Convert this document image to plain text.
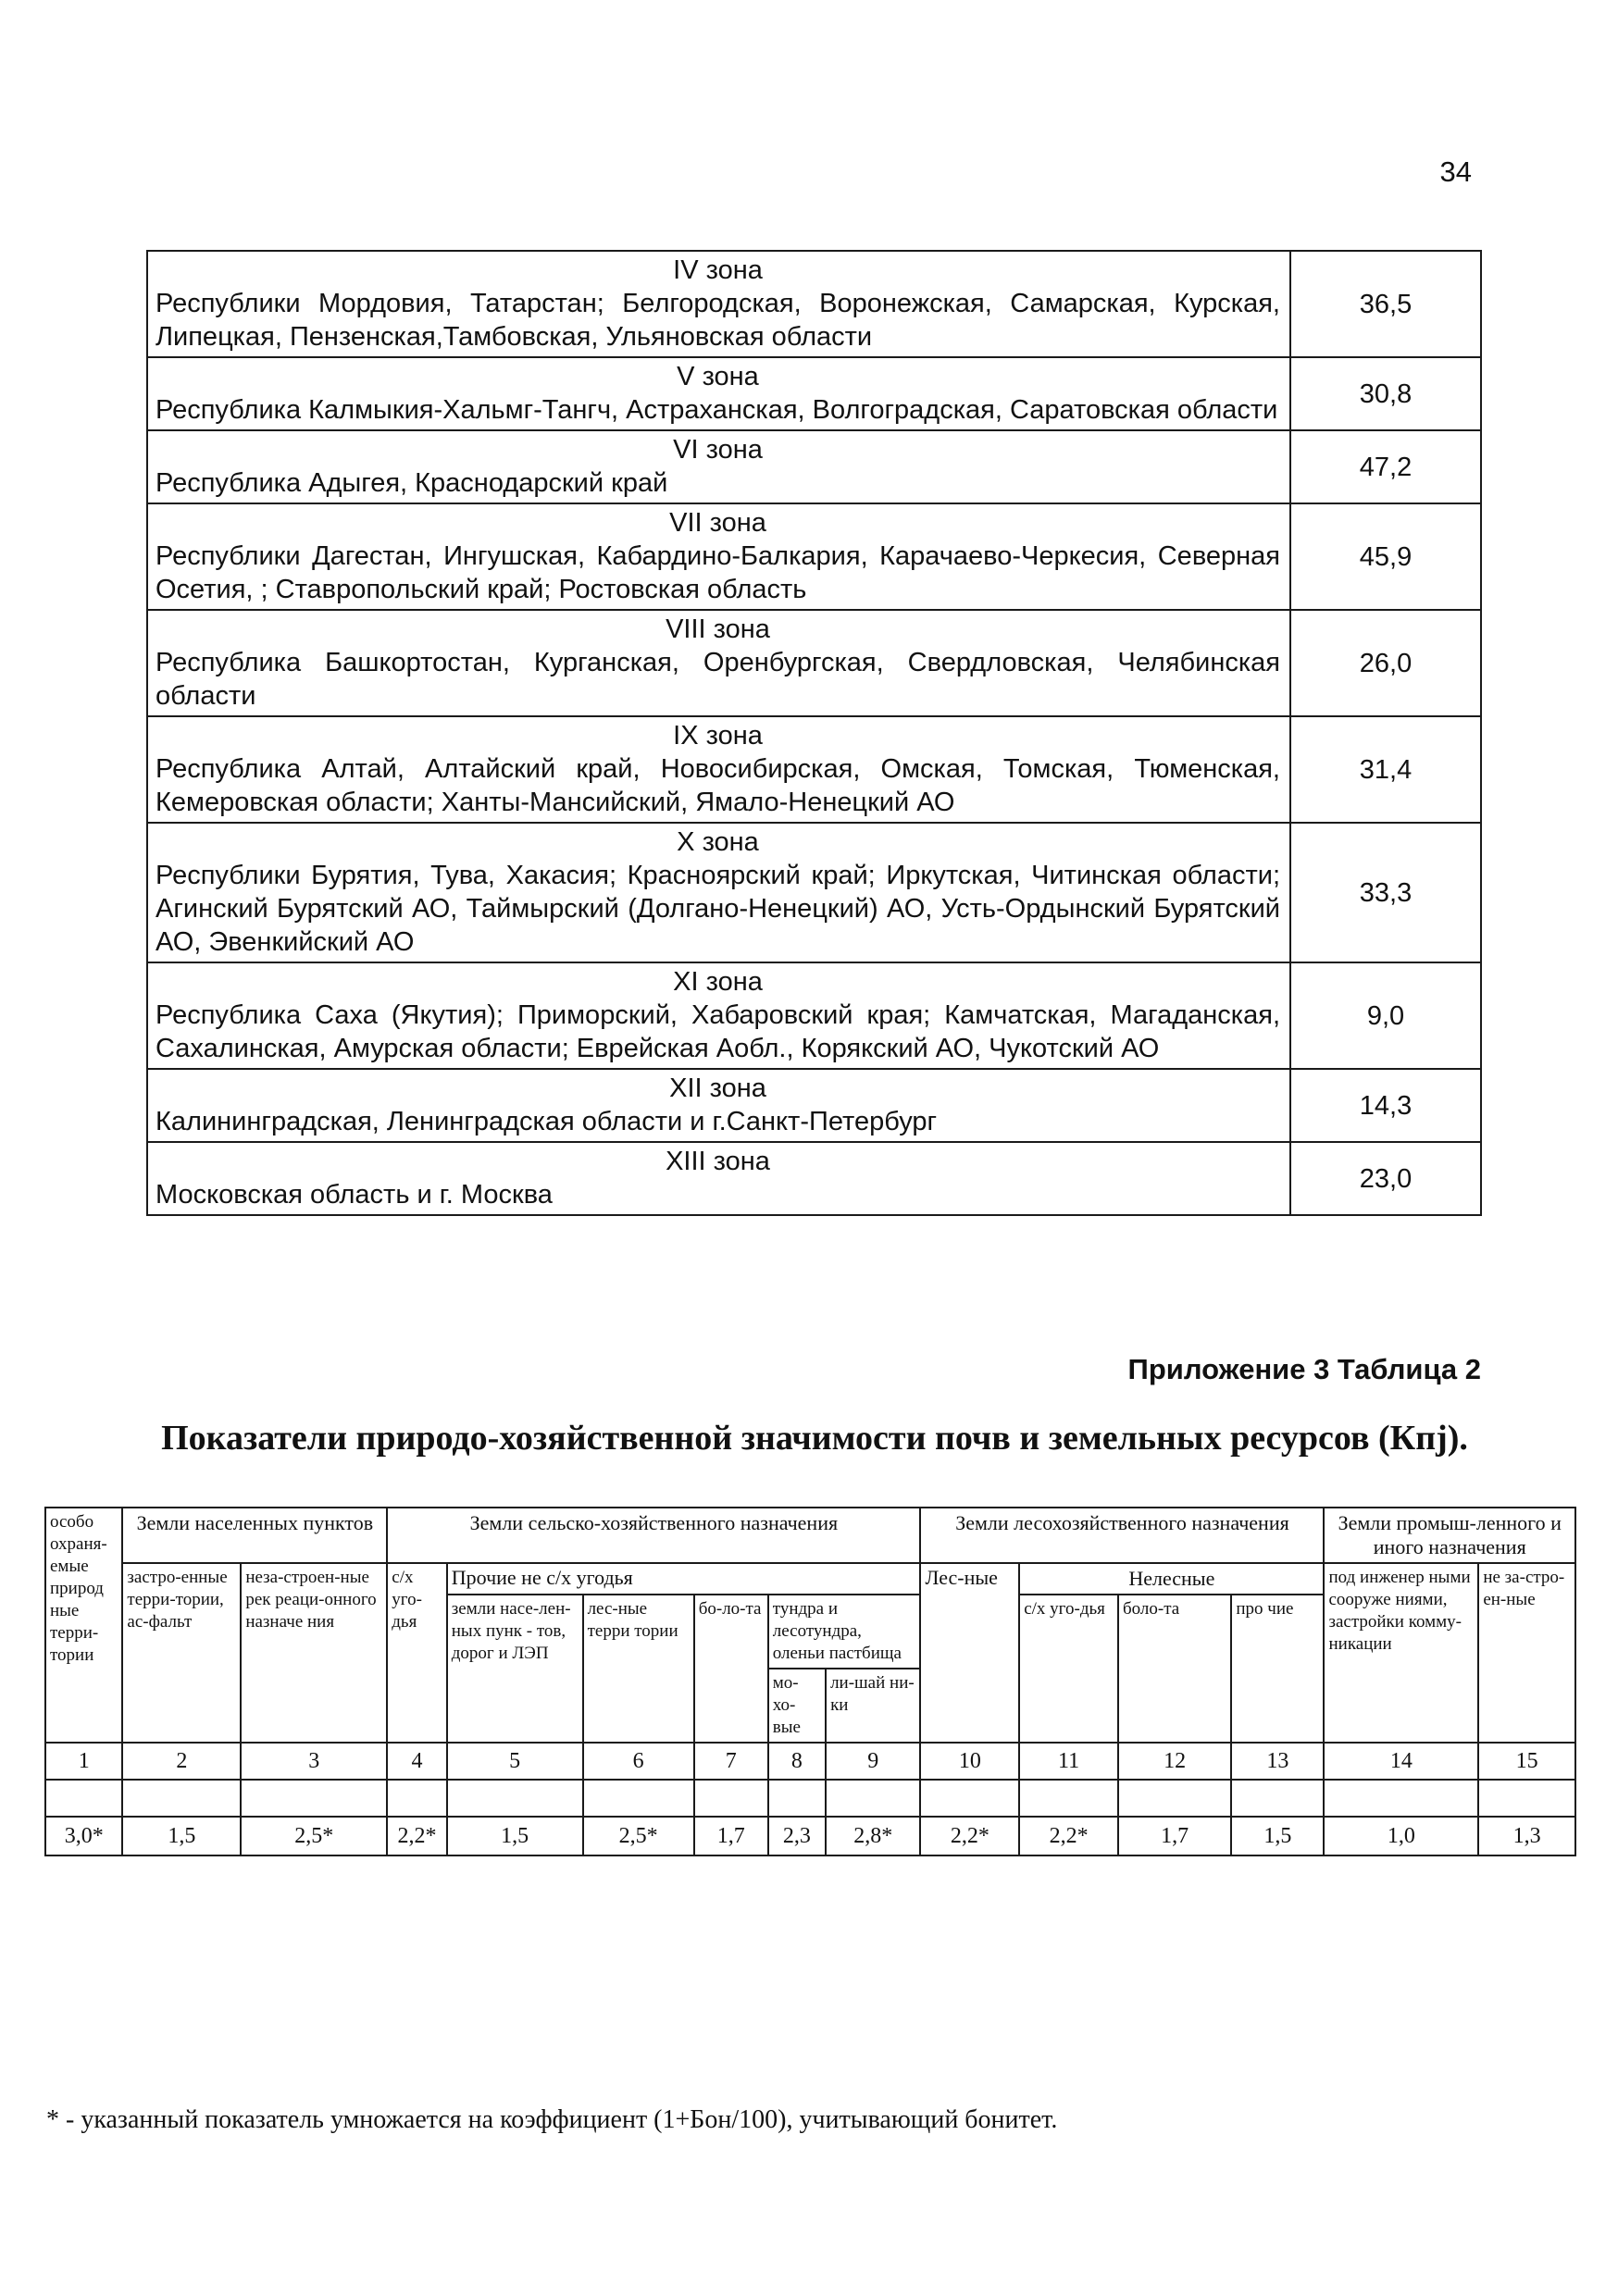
34
IV зона
Республики Мордовия, Татарстан; Белгородская, Воронежская, Самарская, Курская, Липецкая, Пензенская,Тамбовская, Ульяновская области	36,5

V зона
Республика Калмыкия-Хальмг-Тангч, Астраханская, Волгоградская, Саратовская области	30,8

VI зона
Республика Адыгея, Краснодарский край	47,2

VII зона
Республики Дагестан, Ингушская, Кабардино-Балкария, Карачаево-Черкесия, Северная Осетия, ; Ставропольский край; Ростовская область	45,9

VIII зона
Республика Башкортостан, Курганская, Оренбургская, Свердловская, Челябинская области	26,0

IX зона
Республика Алтай, Алтайский край, Новосибирская, Омская, Томская, Тюменская, Кемеровская области; Ханты-Мансийский, Ямало-Ненецкий АО	31,4

X зона
Республики Бурятия, Тува, Хакасия; Красноярский край; Иркутская, Читинская области; Агинский Бурятский АО, Таймырский (Долгано-Ненецкий) АО, Усть-Ордынский Бурятский АО, Эвенкийский АО	33,3

XI зона
Республика Саха (Якутия); Приморский, Хабаровский края; Камчатская, Магаданская, Сахалинская, Амурская области; Еврейская Аобл., Корякский АО, Чукотский АО	9,0

XII зона
Калининградская, Ленинградская области и г.Санкт-Петербург	14,3

XIII зона
Московская область и г. Москва	23,0
Приложение 3 Таблица 2
Показатели природо-хозяйственной значимости почв и земельных ресурсов (Кпj).
особо охраня-емые природ ные терри-тории	Земли населенных пунктов		Земли сельско-хозяйственного назначения						Земли лесохозяйственного назначения				Земли промыш-ленного и иного назначения	
	застро-енные терри-тории, ас-фальт	неза-строен-ные рек реаци-онного назначе ния	с/х уго-дья	Прочие не с/х угодья					Лес-ные	Нелесные			под инженер ными сооруже ниями, застройки комму-никации	не за-стро-ен-ные
				земли насе-лен-ных пунк - тов, дорог и ЛЭП	лес-ные терри тории	бо-ло-та	тундра и лесотундра, оленьи пастбища			с/х уго-дья	боло-та	про чие		
							мо-хо-вые	ли-шай ни-ки						

1	2	3	4	5	6	7	8	9	10	11	12	13	14	15

3,0*	1,5	2,5*	2,2*	1,5	2,5*	1,7	2,3	2,8*	2,2*	2,2*	1,7	1,5	1,0	1,3
* - указанный показатель умножается на коэффициент (1+Бон/100), учитывающий бонитет.
